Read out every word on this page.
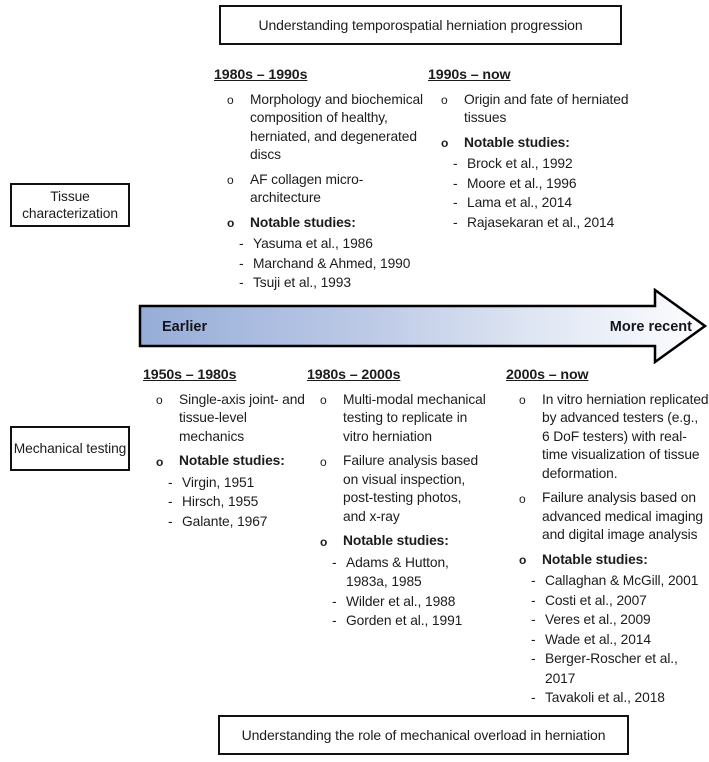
Understanding temporospatial herniation progression
Tissue characterization
1980s – 1990s
o Morphology and biochemical composition of healthy, herniated, and degenerated discs
o AF collagen micro-architecture
o Notable studies:
- Yasuma et al., 1986
- Marchand & Ahmed, 1990
- Tsuji et al., 1993
1990s – now
o Origin and fate of herniated tissues
o Notable studies:
- Brock et al., 1992
- Moore et al., 1996
- Lama et al., 2014
- Rajasekaran et al., 2014
Earlier	More recent
Mechanical testing
1950s – 1980s
o Single-axis joint- and tissue-level mechanics
o Notable studies:
- Virgin, 1951
- Hirsch, 1955
- Galante, 1967
1980s – 2000s
o Multi-modal mechanical testing to replicate in vitro herniation
o Failure analysis based on visual inspection, post-testing photos, and x-ray
o Notable studies:
- Adams & Hutton, 1983a, 1985
- Wilder et al., 1988
- Gorden et al., 1991
2000s – now
o In vitro herniation replicated by advanced testers (e.g., 6 DoF testers) with real-time visualization of tissue deformation.
o Failure analysis based on advanced medical imaging and digital image analysis
o Notable studies:
- Callaghan & McGill, 2001
- Costi et al., 2007
- Veres et al., 2009
- Wade et al., 2014
- Berger-Roscher et al., 2017
- Tavakoli et al., 2018
Understanding the role of mechanical overload in herniation
